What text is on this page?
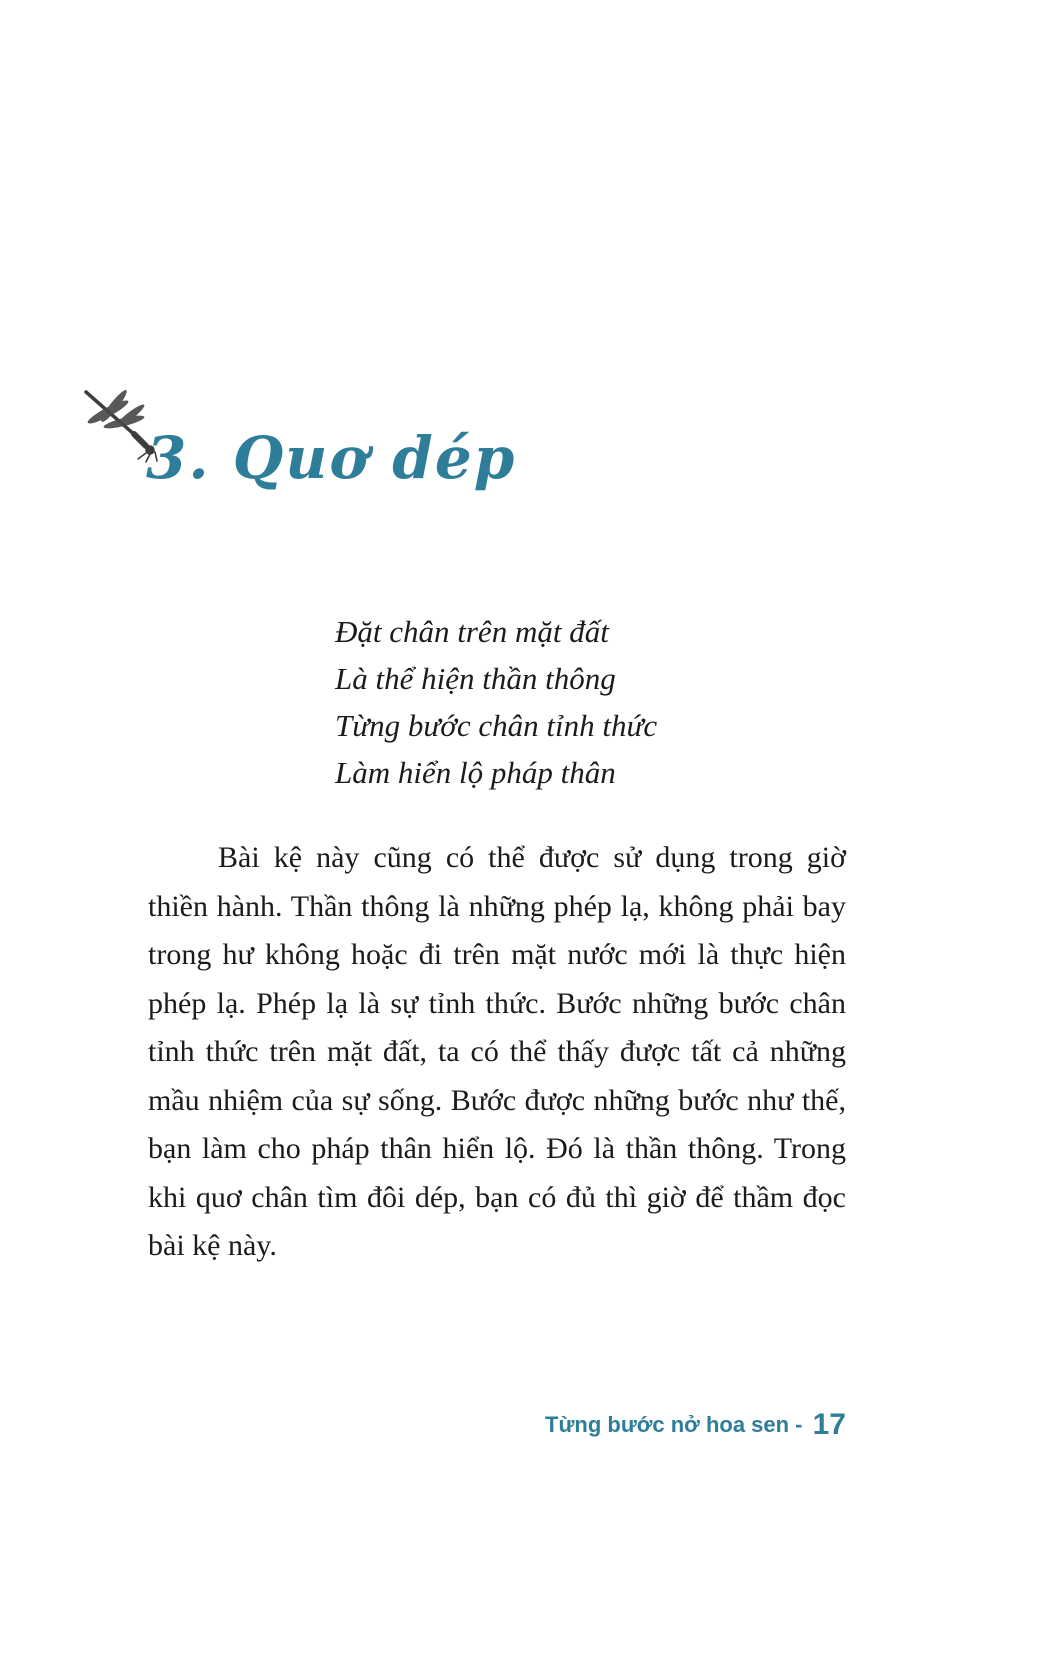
3. Quơ dép

Đặt chân trên mặt đất

Là thể hiện thần thông

Từng bước chân tỉnh thức

Làm hiển lộ pháp thân

Bài kệ này cũng có thể được sử dụng trong giờ thiền hành. Thần thông là những phép lạ, không phải bay trong hư không hoặc đi trên mặt nước mới là thực hiện phép lạ. Phép lạ là sự tỉnh thức. Bước những bước chân tỉnh thức trên mặt đất, ta có thể thấy được tất cả những mầu nhiệm của sự sống. Bước được những bước như thế, bạn làm cho pháp thân hiển lộ. Đó là thần thông. Trong khi quơ chân tìm đôi dép, bạn có đủ thì giờ để thầm đọc bài kệ này.

Từng bước nở hoa sen - 17
